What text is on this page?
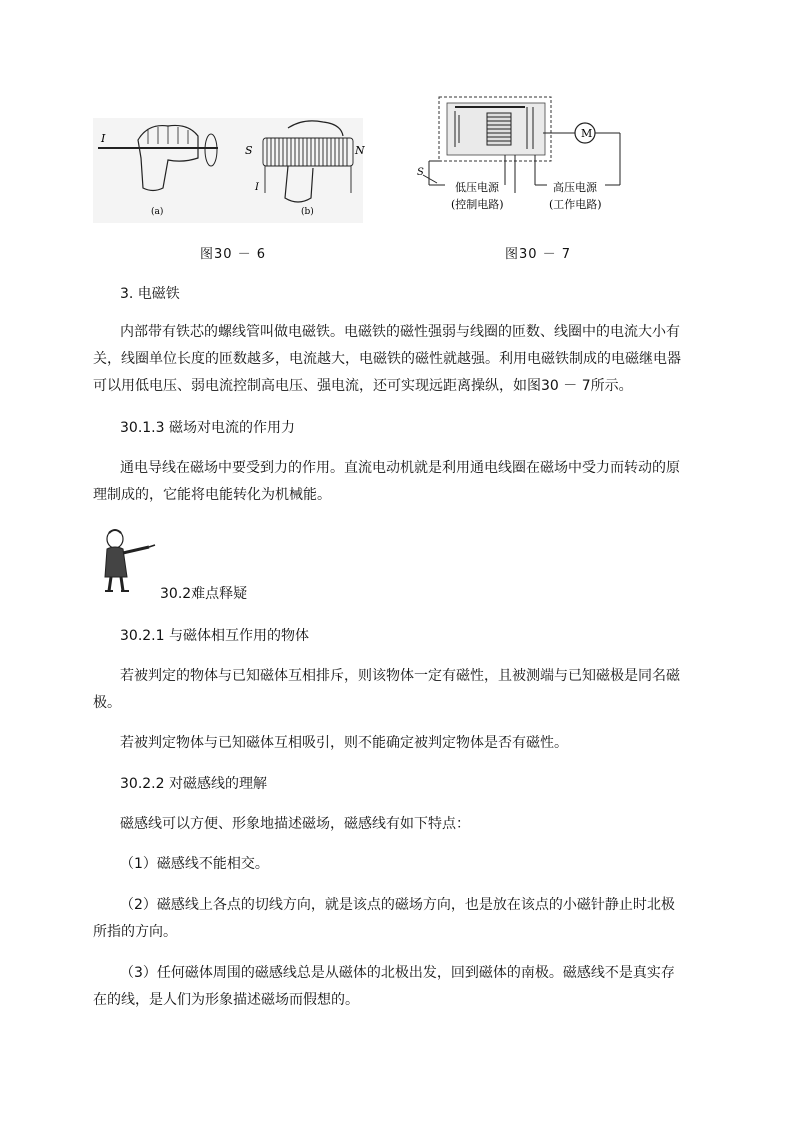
I
(a)
S	N
I
(b)
M
S
低压电源
(控制电路)
高压电源
(工作电路)
图30 － 6	图30 － 7
3. 电磁铁
内部带有铁芯的螺线管叫做电磁铁。电磁铁的磁性强弱与线圈的匝数、线圈中的电流大小有
关，线圈单位长度的匝数越多，电流越大，电磁铁的磁性就越强。利用电磁铁制成的电磁继电器
可以用低电压、弱电流控制高电压、强电流，还可实现远距离操纵，如图30 － 7所示。
30.1.3 磁场对电流的作用力
通电导线在磁场中要受到力的作用。直流电动机就是利用通电线圈在磁场中受力而转动的原
理制成的，它能将电能转化为机械能。
30.2难点释疑
30.2.1 与磁体相互作用的物体
若被判定的物体与已知磁体互相排斥，则该物体一定有磁性，且被测端与已知磁极是同名磁
极。
若被判定物体与已知磁体互相吸引，则不能确定被判定物体是否有磁性。
30.2.2 对磁感线的理解
磁感线可以方便、形象地描述磁场，磁感线有如下特点：
（1）磁感线不能相交。
（2）磁感线上各点的切线方向，就是该点的磁场方向，也是放在该点的小磁针静止时北极
所指的方向。
（3）任何磁体周围的磁感线总是从磁体的北极出发，回到磁体的南极。磁感线不是真实存
在的线，是人们为形象描述磁场而假想的。
